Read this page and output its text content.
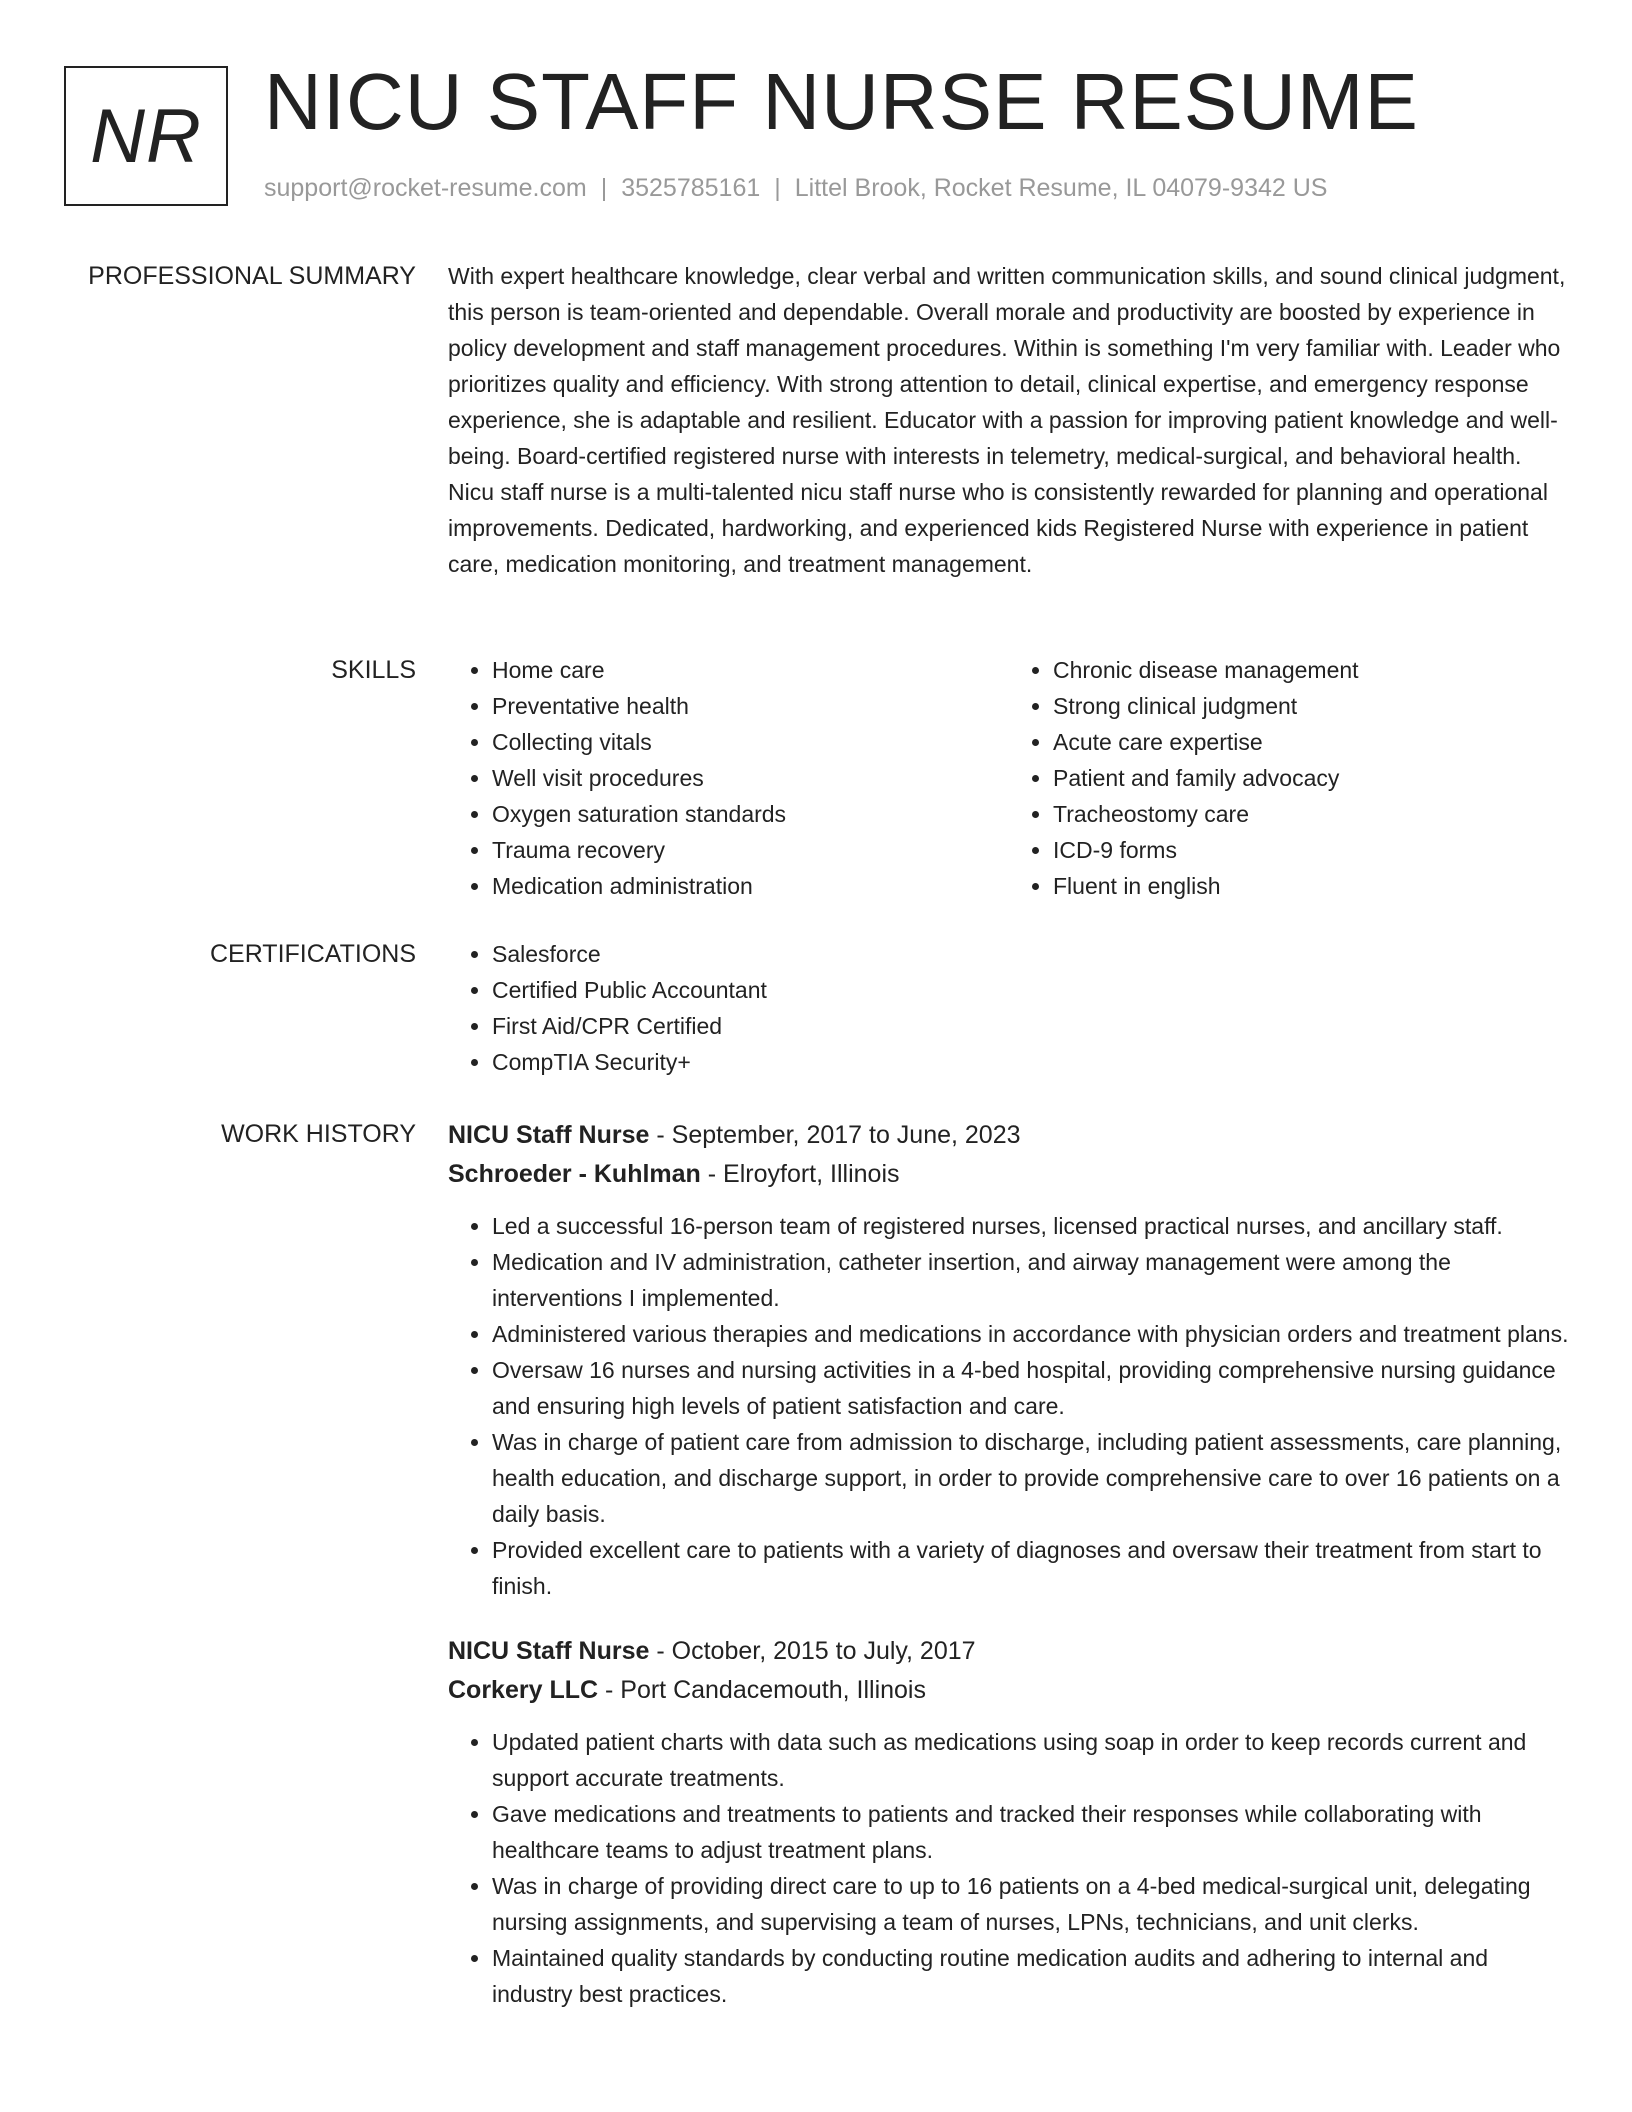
NR NICU STAFF NURSE RESUME
support@rocket-resume.com | 3525785161 | Littel Brook, Rocket Resume, IL 04079-9342 US
PROFESSIONAL SUMMARY With expert healthcare knowledge, clear verbal and written communication skills, and sound clinical judgment, this person is team-oriented and dependable. Overall morale and productivity are boosted by experience in policy development and staff management procedures. Within is something I'm very familiar with. Leader who prioritizes quality and efficiency. With strong attention to detail, clinical expertise, and emergency response experience, she is adaptable and resilient. Educator with a passion for improving patient knowledge and well-being. Board-certified registered nurse with interests in telemetry, medical-surgical, and behavioral health. Nicu staff nurse is a multi-talented nicu staff nurse who is consistently rewarded for planning and operational improvements. Dedicated, hardworking, and experienced kids Registered Nurse with experience in patient care, medication monitoring, and treatment management.
SKILLS	• Home care
• Preventative health
• Collecting vitals
• Well visit procedures
• Oxygen saturation standards
• Trauma recovery
• Medication administration
• Chronic disease management
• Strong clinical judgment
• Acute care expertise
• Patient and family advocacy
• Tracheostomy care
• ICD-9 forms
• Fluent in english
CERTIFICATIONS	• Salesforce
• Certified Public Accountant
• First Aid/CPR Certified
• CompTIA Security+
WORK HISTORY NICU Staff Nurse - September, 2017 to June, 2023
Schroeder - Kuhlman - Elroyfort, Illinois
• Led a successful 16-person team of registered nurses, licensed practical nurses, and ancillary staff.
• Medication and IV administration, catheter insertion, and airway management were among the interventions I implemented.
• Administered various therapies and medications in accordance with physician orders and treatment plans.
• Oversaw 16 nurses and nursing activities in a 4-bed hospital, providing comprehensive nursing guidance and ensuring high levels of patient satisfaction and care.
• Was in charge of patient care from admission to discharge, including patient assessments, care planning, health education, and discharge support, in order to provide comprehensive care to over 16 patients on a daily basis.
• Provided excellent care to patients with a variety of diagnoses and oversaw their treatment from start to finish.
NICU Staff Nurse - October, 2015 to July, 2017
Corkery LLC - Port Candacemouth, Illinois
• Updated patient charts with data such as medications using soap in order to keep records current and support accurate treatments.
• Gave medications and treatments to patients and tracked their responses while collaborating with healthcare teams to adjust treatment plans.
• Was in charge of providing direct care to up to 16 patients on a 4-bed medical-surgical unit, delegating nursing assignments, and supervising a team of nurses, LPNs, technicians, and unit clerks.
• Maintained quality standards by conducting routine medication audits and adhering to internal and industry best practices.
